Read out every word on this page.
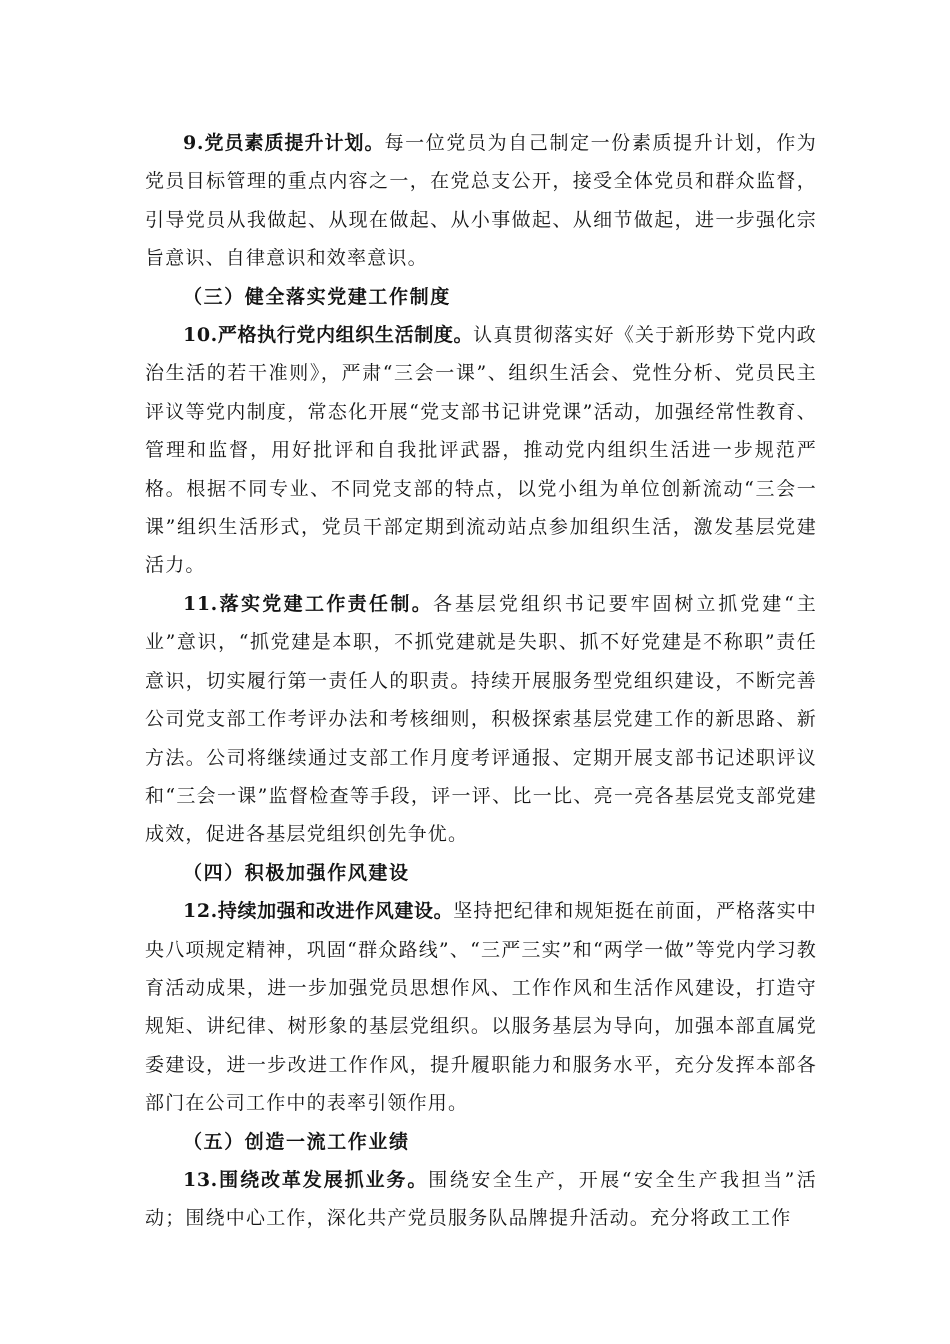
9.党员素质提升计划。每一位党员为自己制定一份素质提升计划，作为党员目标管理的重点内容之一，在党总支公开，接受全体党员和群众监督，引导党员从我做起、从现在做起、从小事做起、从细节做起，进一步强化宗旨意识、自律意识和效率意识。

（三）健全落实党建工作制度

10.严格执行党内组织生活制度。认真贯彻落实好《关于新形势下党内政治生活的若干准则》，严肃“三会一课”、组织生活会、党性分析、党员民主评议等党内制度，常态化开展“党支部书记讲党课”活动，加强经常性教育、管理和监督，用好批评和自我批评武器，推动党内组织生活进一步规范严格。根据不同专业、不同党支部的特点，以党小组为单位创新流动“三会一课”组织生活形式，党员干部定期到流动站点参加组织生活，激发基层党建活力。

11.落实党建工作责任制。各基层党组织书记要牢固树立抓党建“主业”意识，“抓党建是本职，不抓党建就是失职、抓不好党建是不称职”责任意识，切实履行第一责任人的职责。持续开展服务型党组织建设，不断完善公司党支部工作考评办法和考核细则，积极探索基层党建工作的新思路、新方法。公司将继续通过支部工作月度考评通报、定期开展支部书记述职评议和“三会一课”监督检查等手段，评一评、比一比、亮一亮各基层党支部党建成效，促进各基层党组织创先争优。

（四）积极加强作风建设

12.持续加强和改进作风建设。坚持把纪律和规矩挺在前面，严格落实中央八项规定精神，巩固“群众路线”、“三严三实”和“两学一做”等党内学习教育活动成果，进一步加强党员思想作风、工作作风和生活作风建设，打造守规矩、讲纪律、树形象的基层党组织。以服务基层为导向，加强本部直属党委建设，进一步改进工作作风，提升履职能力和服务水平，充分发挥本部各部门在公司工作中的表率引领作用。

（五）创造一流工作业绩

13.围绕改革发展抓业务。围绕安全生产，开展“安全生产我担当”活动；围绕中心工作，深化共产党员服务队品牌提升活动。充分将政工工作
